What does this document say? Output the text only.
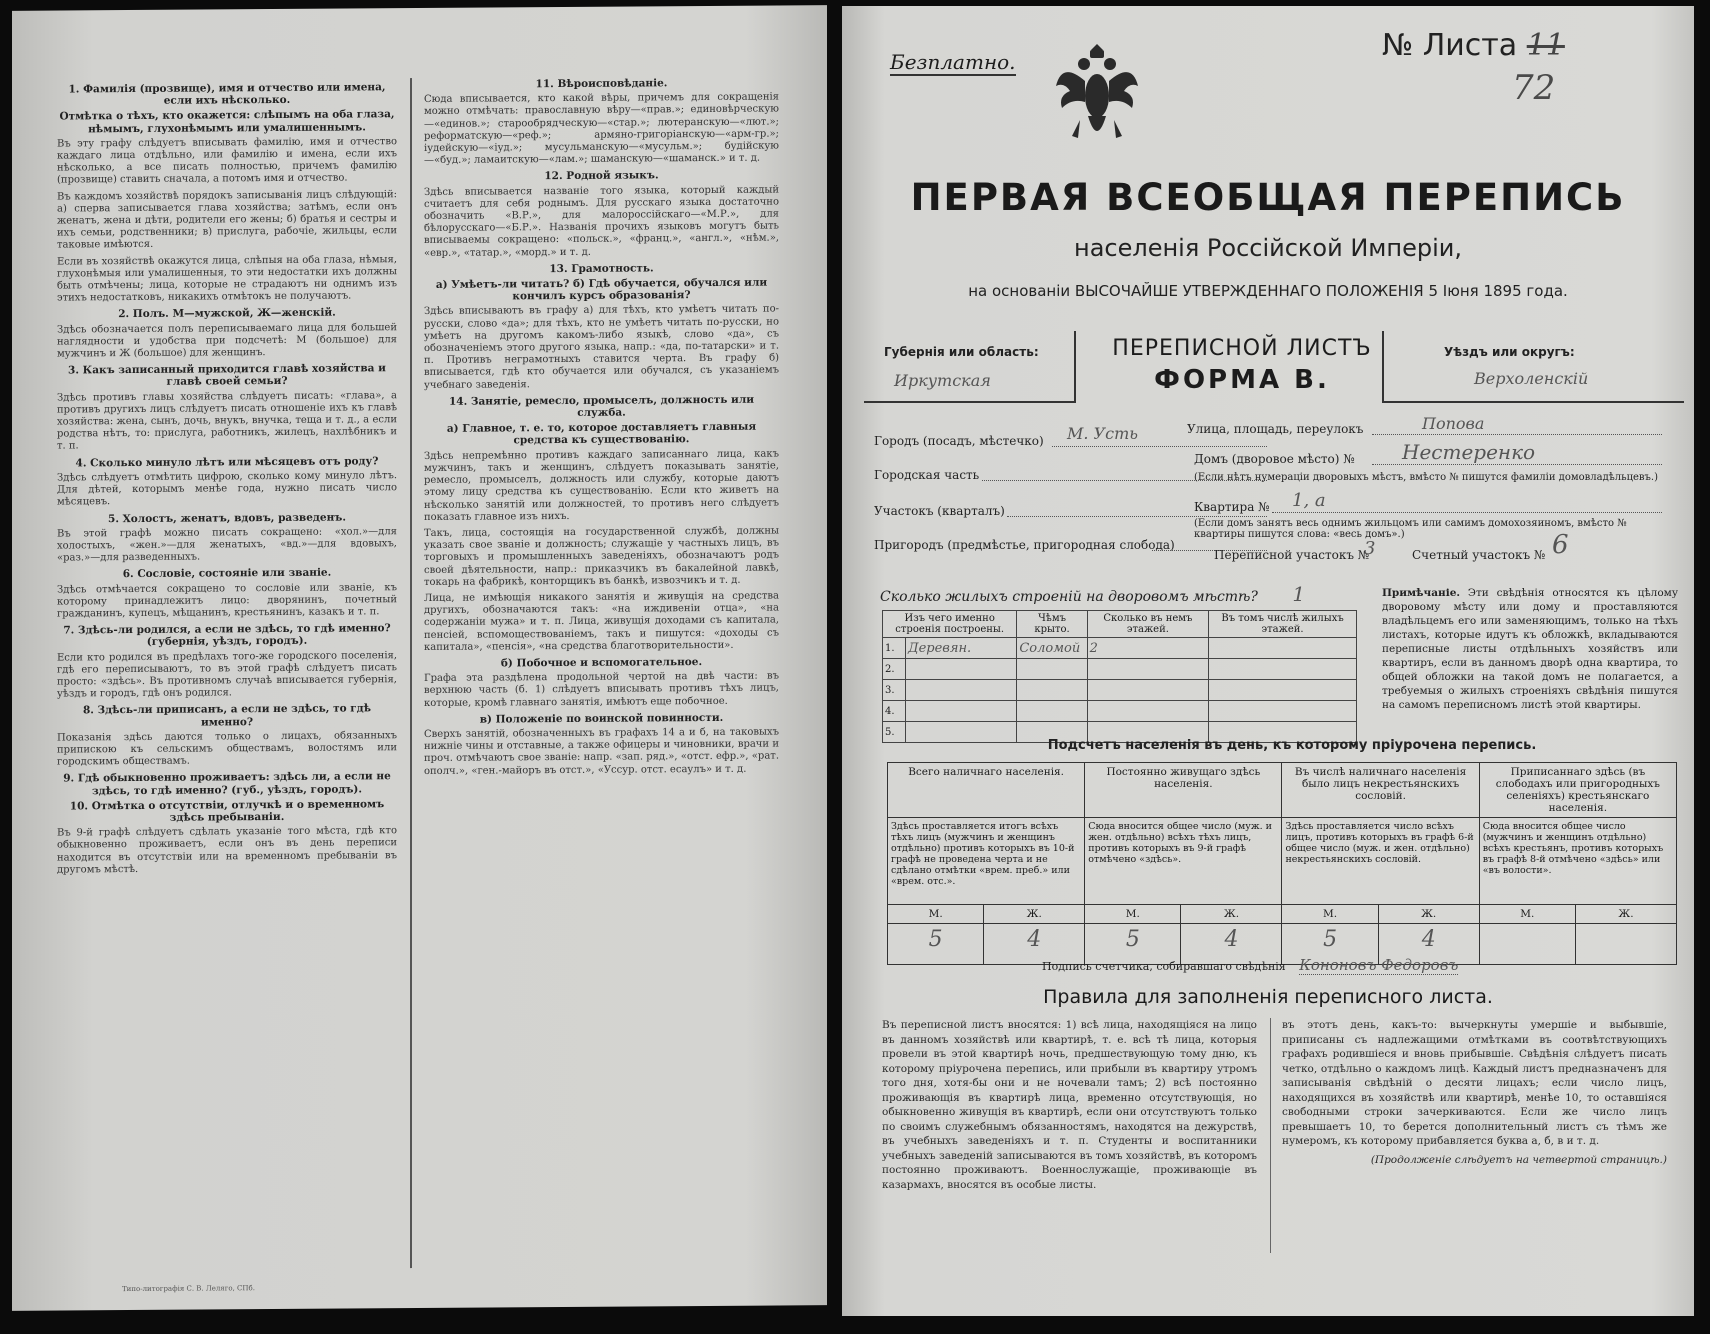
1. Фамилія (прозвище), имя и отчество или имена, если ихъ нѣсколько.
Отмѣтка о тѣхъ, кто окажется: слѣпымъ на оба глаза, нѣмымъ, глухонѣмымъ или умалишеннымъ.

Въ эту графу слѣдуетъ вписывать фамилію, имя и отчество каждаго лица отдѣльно, или фамилію и имена, если ихъ нѣсколько, а все писать полностью, причемъ фамилію (прозвище) ставить сначала, а потомъ имя и отчество.

Въ каждомъ хозяйствѣ порядокъ записыванія лицъ слѣдующій: а) сперва записывается глава хозяйства; затѣмъ, если онъ женатъ, жена и дѣти, родители его жены; б) братья и сестры и ихъ семьи, родственники; в) прислуга, рабочіе, жильцы, если таковые имѣются.

Если въ хозяйствѣ окажутся лица, слѣпыя на оба глаза, нѣмыя, глухонѣмыя или умалишенныя, то эти недостатки ихъ должны быть отмѣчены; лица, которые не страдаютъ ни однимъ изъ этихъ недостатковъ, никакихъ отмѣтокъ не получаютъ.

2. Полъ. М—мужской, Ж—женскій.

Здѣсь обозначается полъ переписываемаго лица для большей наглядности и удобства при подсчетѣ: М (большое) для мужчинъ и Ж (большое) для женщинъ.

3. Какъ записанный приходится главѣ хозяйства и главѣ своей семьи?

Здѣсь противъ главы хозяйства слѣдуетъ писать: «глава», а противъ другихъ лицъ слѣдуетъ писать отношеніе ихъ къ главѣ хозяйства: жена, сынъ, дочь, внукъ, внучка, теща и т. д., а если родства нѣтъ, то: прислуга, работникъ, жилецъ, нахлѣбникъ и т. п.

4. Сколько минуло лѣтъ или мѣсяцевъ отъ роду?

Здѣсь слѣдуетъ отмѣтить цифрою, сколько кому минуло лѣтъ. Для дѣтей, которымъ менѣе года, нужно писать число мѣсяцевъ.

5. Холостъ, женатъ, вдовъ, разведенъ.

Въ этой графѣ можно писать сокращено: «хол.»—для холостыхъ, «жен.»—для женатыхъ, «вд.»—для вдовыхъ, «раз.»—для разведенныхъ.

6. Сословіе, состояніе или званіе.

Здѣсь отмѣчается сокращено то сословіе или званіе, къ которому принадлежитъ лицо: дворянинъ, почетный гражданинъ, купецъ, мѣщанинъ, крестьянинъ, казакъ и т. п.

7. Здѣсь-ли родился, а если не здѣсь, то гдѣ именно? (губернія, уѣздъ, городъ).

Если кто родился въ предѣлахъ того-же городского поселенія, гдѣ его переписываютъ, то въ этой графѣ слѣдуетъ писать просто: «здѣсь». Въ противномъ случаѣ вписывается губернія, уѣздъ и городъ, гдѣ онъ родился.

8. Здѣсь-ли приписанъ, а если не здѣсь, то гдѣ именно?

Показанія здѣсь даются только о лицахъ, обязанныхъ припискою къ сельскимъ обществамъ, волостямъ или городскимъ обществамъ.

9. Гдѣ обыкновенно проживаетъ: здѣсь ли, а если не здѣсь, то гдѣ именно? (губ., уѣздъ, городъ).
10. Отмѣтка о отсутствіи, отлучкѣ и о временномъ здѣсь пребываніи.

Въ 9-й графѣ слѣдуетъ сдѣлать указаніе того мѣста, гдѣ кто обыкновенно проживаетъ, если онъ въ день переписи находится въ отсутствіи или на временномъ пребываніи въ другомъ мѣстѣ.

11. Вѣроисповѣданіе.

Сюда вписывается, кто какой вѣры, причемъ для сокращенія можно отмѣчать: православную вѣру—«прав.»; единовѣрческую—«единов.»; старообрядческую—«стар.»; лютеранскую—«лют.»; реформатскую—«реф.»; армяно-григоріанскую—«арм-гр.»; іудейскую—«іуд.»; мусульманскую—«мусульм.»; будійскую—«буд.»; ламаитскую—«лам.»; шаманскую—«шаманск.» и т. д.

12. Родной языкъ.

Здѣсь вписывается названіе того языка, который каждый считаетъ для себя роднымъ. Для русскаго языка достаточно обозначить «В.Р.», для малороссійскаго—«М.Р.», для бѣлорусскаго—«Б.Р.». Названія прочихъ языковъ могутъ быть вписываемы сокращено: «польск.», «франц.», «англ.», «нѣм.», «евр.», «татар.», «морд.» и т. д.

13. Грамотность.
а) Умѣетъ-ли читать? б) Гдѣ обучается, обучался или кончилъ курсъ образованія?

Здѣсь вписываютъ въ графу а) для тѣхъ, кто умѣетъ читать по-русски, слово «да»; для тѣхъ, кто не умѣетъ читать по-русски, но умѣетъ на другомъ какомъ-либо языкѣ, слово «да», съ обозначеніемъ этого другого языка, напр.: «да, по-татарски» и т. п. Противъ неграмотныхъ ставится черта. Въ графу б) вписывается, гдѣ кто обучается или обучался, съ указаніемъ учебнаго заведенія.

14. Занятіе, ремесло, промыселъ, должность или служба.
а) Главное, т. е. то, которое доставляетъ главныя средства къ существованію.

Здѣсь непремѣнно противъ каждаго записаннаго лица, какъ мужчинъ, такъ и женщинъ, слѣдуетъ показывать занятіе, ремесло, промыселъ, должность или службу, которые даютъ этому лицу средства къ существованію. Если кто живетъ на нѣсколько занятій или должностей, то противъ него слѣдуетъ показать главное изъ нихъ.

Такъ, лица, состоящія на государственной службѣ, должны указать свое званіе и должность; служащіе у частныхъ лицъ, въ торговыхъ и промышленныхъ заведеніяхъ, обозначаютъ родъ своей дѣятельности, напр.: приказчикъ въ бакалейной лавкѣ, токарь на фабрикѣ, конторщикъ въ банкѣ, извозчикъ и т. д.

Лица, не имѣющія никакого занятія и живущія на средства другихъ, обозначаются такъ: «на иждивеніи отца», «на содержаніи мужа» и т. п. Лица, живущія доходами съ капитала, пенсіей, вспомоществованіемъ, такъ и пишутся: «доходы съ капитала», «пенсія», «на средства благотворительности».

б) Побочное и вспомогательное.

Графа эта раздѣлена продольной чертой на двѣ части: въ верхнюю часть (б. 1) слѣдуетъ вписывать противъ тѣхъ лицъ, которые, кромѣ главнаго занятія, имѣютъ еще побочное.

в) Положеніе по воинской повинности.

Сверхъ занятій, обозначенныхъ въ графахъ 14 а и б, на таковыхъ нижніе чины и отставные, а также офицеры и чиновники, врачи и проч. отмѣчаютъ свое званіе: напр. «зап. ряд.», «отст. ефр.», «рат. ополч.», «ген.-майоръ въ отст.», «Уссур. отст. есаулъ» и т. д.

Типо-литографія С. В. Леляго, СПб.
Безплатно.	№ Листа 11
72
ПЕРВАЯ ВСЕОБЩАЯ ПЕРЕПИСЬ
населенія Россійской Имперіи,
на основаніи ВЫСОЧАЙШЕ УТВЕРЖДЕННАГО ПОЛОЖЕНІЯ 5 Іюня 1895 года.
Губернія или область:
Иркутская
ПЕРЕПИСНОЙ ЛИСТЪ
ФОРМА В.
Уѣздъ или округъ:
Верхоленскій
Городъ (посадъ, мѣстечко) М. Усть
Городская часть
Участокъ (кварталъ)
Пригородъ (предмѣстье, пригородная слобода)
Улица, площадь, переулокъ	Попова
Домъ (дворовое мѣсто) № Нестеренко
(Если нѣтъ нумераціи дворовыхъ мѣстъ, вмѣсто № пишутся фамиліи домовладѣльцевъ.)
Квартира № 1, а
(Если домъ занятъ весь однимъ жильцомъ или самимъ домохозяиномъ, вмѣсто № квартиры пишутся слова: «весь домъ».)
Переписной участокъ №
3	Счетный участокъ № 6
Сколько жилыхъ строеній на дворовомъ мѣстѣ? 1
Изъ чего именно строенія построены.		Чѣмъ крыто.	Сколько въ немъ этажей.	Въ томъ числѣ жилыхъ этажей.
1.	Деревян.	Соломой	2	
2.				
3.				
4.				
5.				
Примѣчаніе. Эти свѣдѣнія относятся къ цѣлому дворовому мѣсту или дому и проставляются владѣльцемъ его или заменяющимъ, только на тѣхъ листахъ, которые идутъ къ обложкѣ, вкладываются переписные листы отдѣльныхъ хозяйствъ или квартиръ, если въ данномъ дворѣ одна квартира, то общей обложки на такой домъ не полагается, а требуемыя о жилыхъ строеніяхъ свѣдѣнія пишутся на самомъ переписномъ листѣ этой квартиры.
Подсчетъ населенія въ день, къ которому пріурочена перепись.
Всего наличнаго населенія.		Постоянно живущаго здѣсь населенія.		Въ числѣ наличнаго населенія было лицъ некрестьянскихъ сословій.		Приписаннаго здѣсь (въ слободахъ или пригородныхъ селеніяхъ) крестьянскаго населенія.	
Здѣсь проставляется итогъ всѣхъ тѣхъ лицъ (мужчинъ и женщинъ отдѣльно) противъ которыхъ въ 10-й графѣ не проведена черта и не сдѣлано отмѣтки «врем. преб.» или «врем. отс.».		Сюда вносится общее число (муж. и жен. отдѣльно) всѣхъ тѣхъ лицъ, противъ которыхъ въ 9-й графѣ отмѣчено «здѣсь».		Здѣсь проставляется число всѣхъ лицъ, противъ которыхъ въ графѣ 6-й общее число (муж. и жен. отдѣльно) некрестьянскихъ сословій.		Сюда вносится общее число (мужчинъ и женщинъ отдѣльно) всѣхъ крестьянъ, противъ которыхъ въ графѣ 8-й отмѣчено «здѣсь» или «въ волости».	
М.	Ж.	М.	Ж.	М.	Ж.	М.	Ж.
5	4	5	4	5	4		
Подпись счетчика, собиравшаго свѣдѣнія Кононовъ Федоровъ
Правила для заполненія переписного листа.
Въ переписной листъ вносятся: 1) всѣ лица, находящіяся на лицо въ данномъ хозяйствѣ или квартирѣ, т. е. всѣ тѣ лица, которыя провели въ этой квартирѣ ночь, предшествующую тому дню, къ которому пріурочена перепись, или прибыли въ квартиру утромъ того дня, хотя-бы они и не ночевали тамъ; 2) всѣ постоянно проживающія въ квартирѣ лица, временно отсутствующія, но обыкновенно живущія въ квартирѣ, если они отсутствуютъ только по своимъ служебнымъ обязанностямъ, находятся на дежурствѣ, въ учебныхъ заведеніяхъ и т. п. Студенты и воспитанники учебныхъ заведеній записываются въ томъ хозяйствѣ, въ которомъ постоянно проживаютъ. Военнослужащіе, проживающіе въ казармахъ, вносятся въ особые листы.
въ этотъ день, какъ-то: вычеркнуты умершіе и выбывшіе, приписаны съ надлежащими отмѣтками въ соотвѣтствующихъ графахъ родившіеся и вновь прибывшіе. Свѣдѣнія слѣдуетъ писать четко, отдѣльно о каждомъ лицѣ. Каждый листъ предназначенъ для записыванія свѣдѣній о десяти лицахъ; если число лицъ, находящихся въ хозяйствѣ или квартирѣ, менѣе 10, то оставшіяся свободными строки зачеркиваются. Если же число лицъ превышаетъ 10, то берется дополнительный листъ съ тѣмъ же нумеромъ, къ которому прибавляется буква а, б, в и т. д.
(Продолженіе слѣдуетъ на четвертой страницѣ.)
